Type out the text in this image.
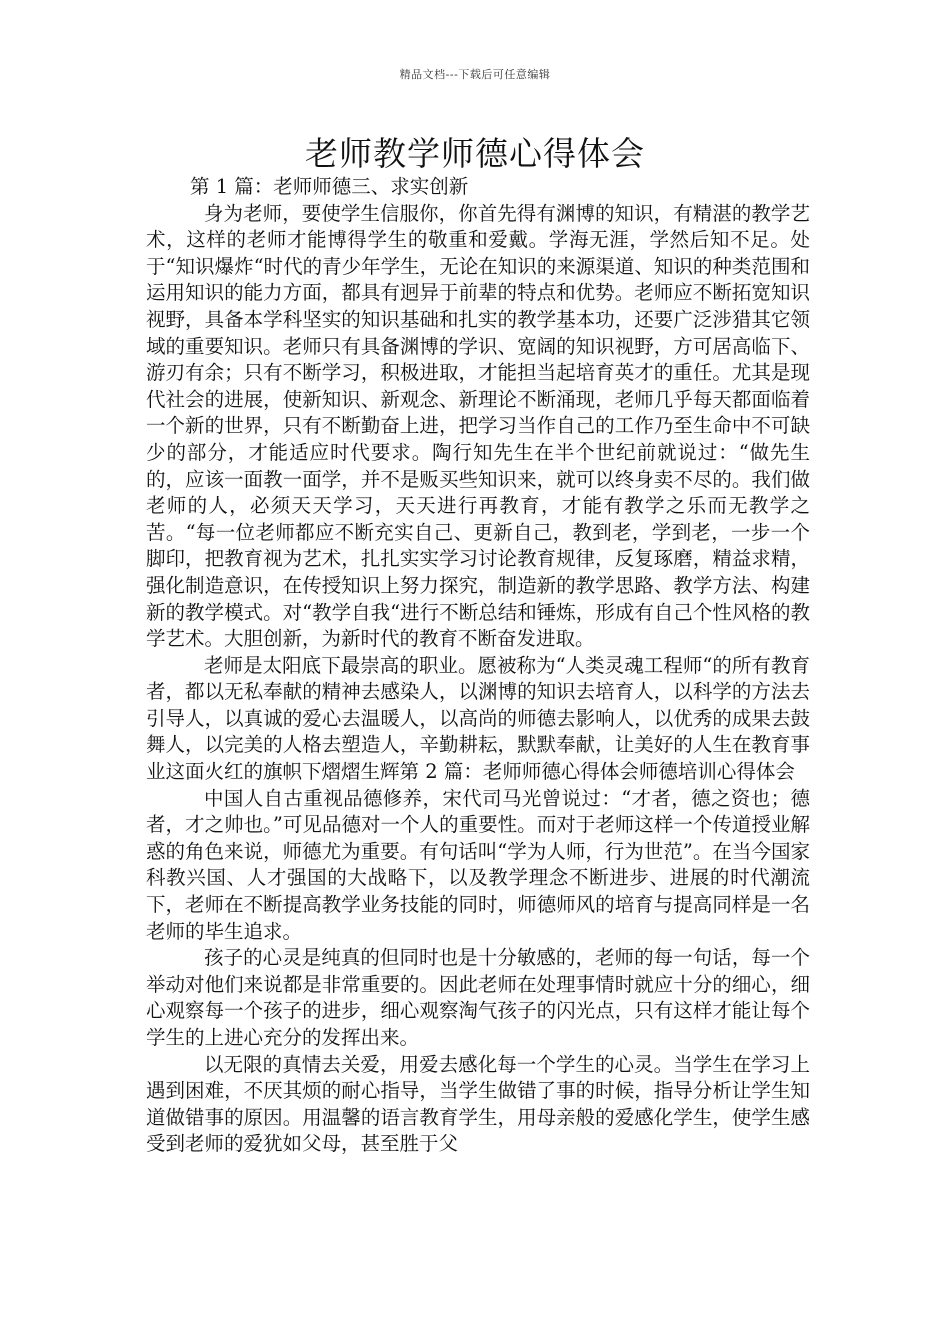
精品文档---下载后可任意编辑
老师教学师德心得体会

第 1 篇：老师师德三、求实创新

身为老师，要使学生信服你，你首先得有渊博的知识，有精湛的教学艺术，这样的老师才能博得学生的敬重和爱戴。学海无涯，学然后知不足。处于“知识爆炸“时代的青少年学生，无论在知识的来源渠道、知识的种类范围和运用知识的能力方面，都具有迥异于前辈的特点和优势。老师应不断拓宽知识视野，具备本学科坚实的知识基础和扎实的教学基本功，还要广泛涉猎其它领域的重要知识。老师只有具备渊博的学识、宽阔的知识视野，方可居高临下、游刃有余；只有不断学习，积极进取，才能担当起培育英才的重任。尤其是现代社会的进展，使新知识、新观念、新理论不断涌现，老师几乎每天都面临着一个新的世界，只有不断勤奋上进，把学习当作自己的工作乃至生命中不可缺少的部分，才能适应时代要求。陶行知先生在半个世纪前就说过：“做先生的，应该一面教一面学，并不是贩买些知识来，就可以终身卖不尽的。我们做老师的人，必须天天学习，天天进行再教育，才能有教学之乐而无教学之苦。“每一位老师都应不断充实自己、更新自己，教到老，学到老，一步一个脚印，把教育视为艺术，扎扎实实学习讨论教育规律，反复琢磨，精益求精，强化制造意识，在传授知识上努力探究，制造新的教学思路、教学方法、构建新的教学模式。对“教学自我“进行不断总结和锤炼，形成有自己个性风格的教学艺术。大胆创新，为新时代的教育不断奋发进取。

老师是太阳底下最崇高的职业。愿被称为“人类灵魂工程师“的所有教育者，都以无私奉献的精神去感染人，以渊博的知识去培育人，以科学的方法去引导人，以真诚的爱心去温暖人，以高尚的师德去影响人，以优秀的成果去鼓舞人，以完美的人格去塑造人，辛勤耕耘，默默奉献，让美好的人生在教育事业这面火红的旗帜下熠熠生辉第 2 篇：老师师德心得体会师德培训心得体会

中国人自古重视品德修养，宋代司马光曾说过：“才者，德之资也；德者，才之帅也。”可见品德对一个人的重要性。而对于老师这样一个传道授业解惑的角色来说，师德尤为重要。有句话叫“学为人师，行为世范”。在当今国家科教兴国、人才强国的大战略下，以及教学理念不断进步、进展的时代潮流下，老师在不断提高教学业务技能的同时，师德师风的培育与提高同样是一名老师的毕生追求。

孩子的心灵是纯真的但同时也是十分敏感的，老师的每一句话，每一个举动对他们来说都是非常重要的。因此老师在处理事情时就应十分的细心，细心观察每一个孩子的进步，细心观察淘气孩子的闪光点，只有这样才能让每个学生的上进心充分的发挥出来。

以无限的真情去关爱，用爱去感化每一个学生的心灵。当学生在学习上遇到困难，不厌其烦的耐心指导，当学生做错了事的时候，指导分析让学生知道做错事的原因。用温馨的语言教育学生，用母亲般的爱感化学生，使学生感受到老师的爱犹如父母，甚至胜于父
